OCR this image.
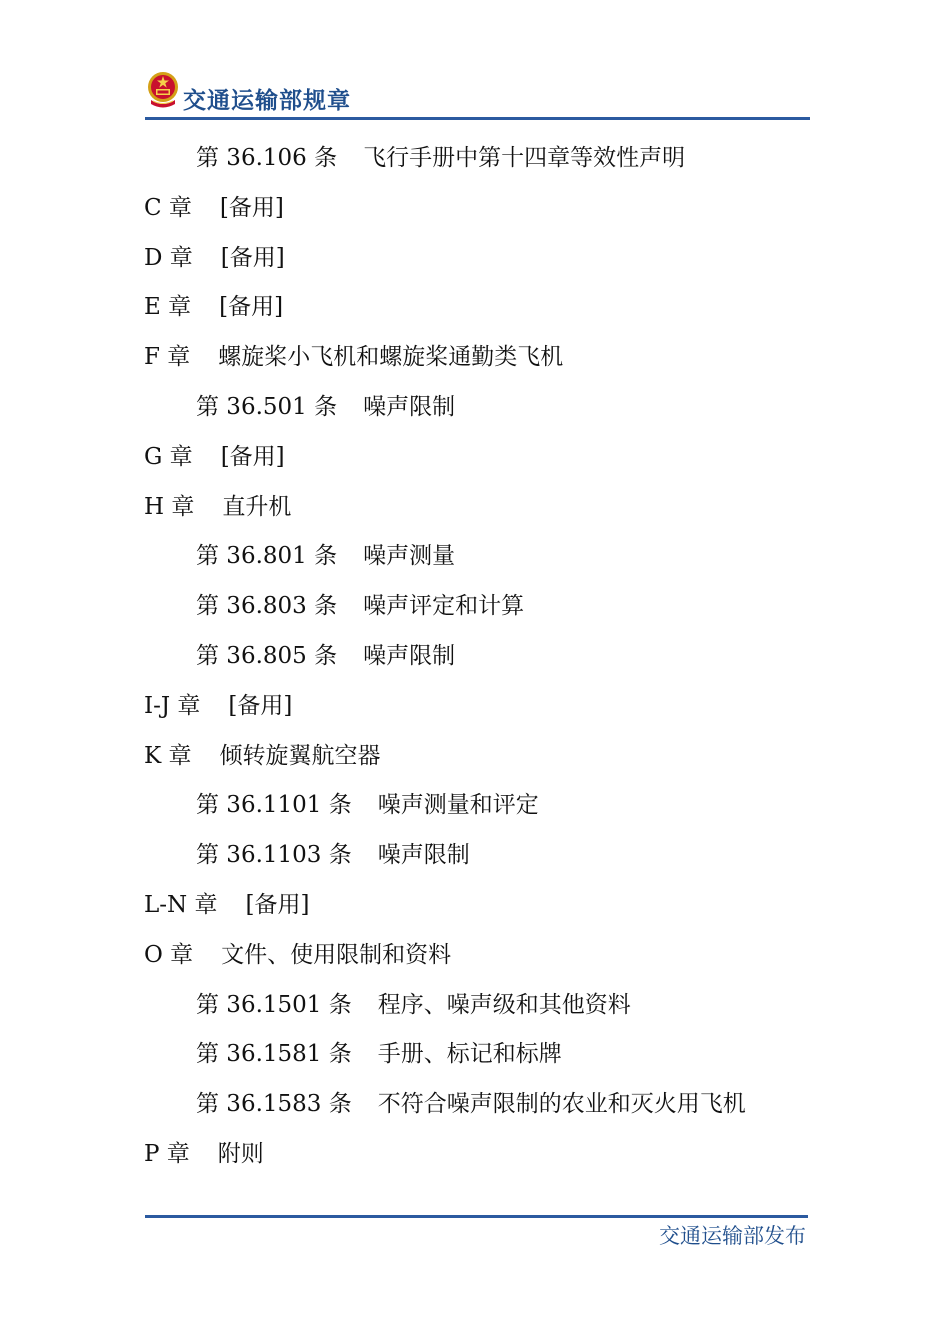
交通运输部规章
第 36.106 条 飞行手册中第十四章等效性声明
C 章 [备用]
D 章 [备用]
E 章 [备用]
F 章 螺旋桨小飞机和螺旋桨通勤类飞机
第 36.501 条 噪声限制
G 章 [备用]
H 章 直升机
第 36.801 条 噪声测量
第 36.803 条 噪声评定和计算
第 36.805 条 噪声限制
I-J 章 [备用]
K 章 倾转旋翼航空器
第 36.1101 条 噪声测量和评定
第 36.1103 条 噪声限制
L-N 章 [备用]
O 章 文件、使用限制和资料
第 36.1501 条 程序、噪声级和其他资料
第 36.1581 条 手册、标记和标牌
第 36.1583 条 不符合噪声限制的农业和灭火用飞机
P 章 附则
交通运输部发布
